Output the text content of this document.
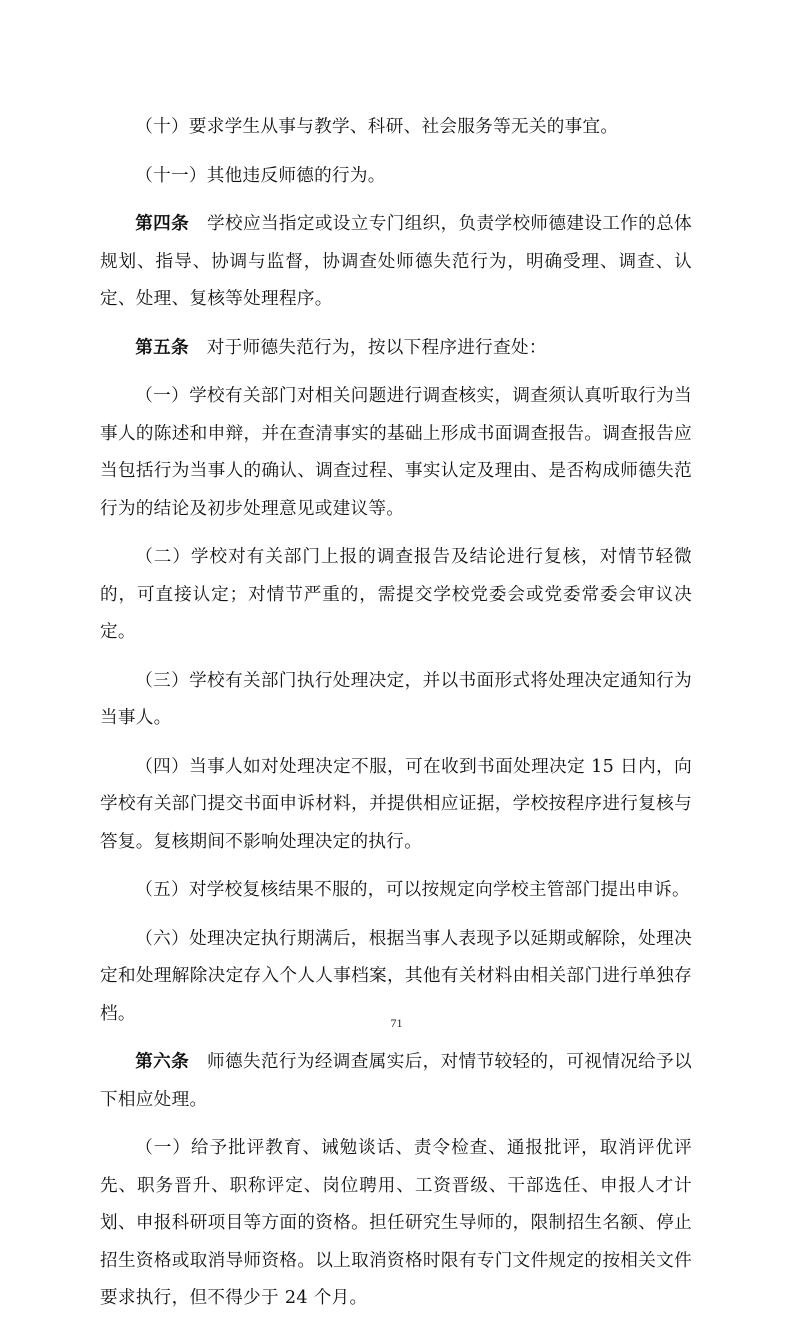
（十）要求学生从事与教学、科研、社会服务等无关的事宜。

（十一）其他违反师德的行为。

第四条　学校应当指定或设立专门组织，负责学校师德建设工作的总体规划、指导、协调与监督，协调查处师德失范行为，明确受理、调查、认定、处理、复核等处理程序。

第五条　对于师德失范行为，按以下程序进行查处：

（一）学校有关部门对相关问题进行调查核实，调查须认真听取行为当事人的陈述和申辩，并在查清事实的基础上形成书面调查报告。调查报告应当包括行为当事人的确认、调查过程、事实认定及理由、是否构成师德失范行为的结论及初步处理意见或建议等。

（二）学校对有关部门上报的调查报告及结论进行复核，对情节轻微的，可直接认定；对情节严重的，需提交学校党委会或党委常委会审议决定。

（三）学校有关部门执行处理决定，并以书面形式将处理决定通知行为当事人。

（四）当事人如对处理决定不服，可在收到书面处理决定 15 日内，向学校有关部门提交书面申诉材料，并提供相应证据，学校按程序进行复核与答复。复核期间不影响处理决定的执行。

（五）对学校复核结果不服的，可以按规定向学校主管部门提出申诉。

（六）处理决定执行期满后，根据当事人表现予以延期或解除，处理决定和处理解除决定存入个人人事档案，其他有关材料由相关部门进行单独存档。

第六条　师德失范行为经调查属实后，对情节较轻的，可视情况给予以下相应处理。

（一）给予批评教育、诫勉谈话、责令检查、通报批评，取消评优评先、职务晋升、职称评定、岗位聘用、工资晋级、干部选任、申报人才计划、申报科研项目等方面的资格。担任研究生导师的，限制招生名额、停止招生资格或取消导师资格。以上取消资格时限有专门文件规定的按相关文件要求执行，但不得少于 24 个月。

71
